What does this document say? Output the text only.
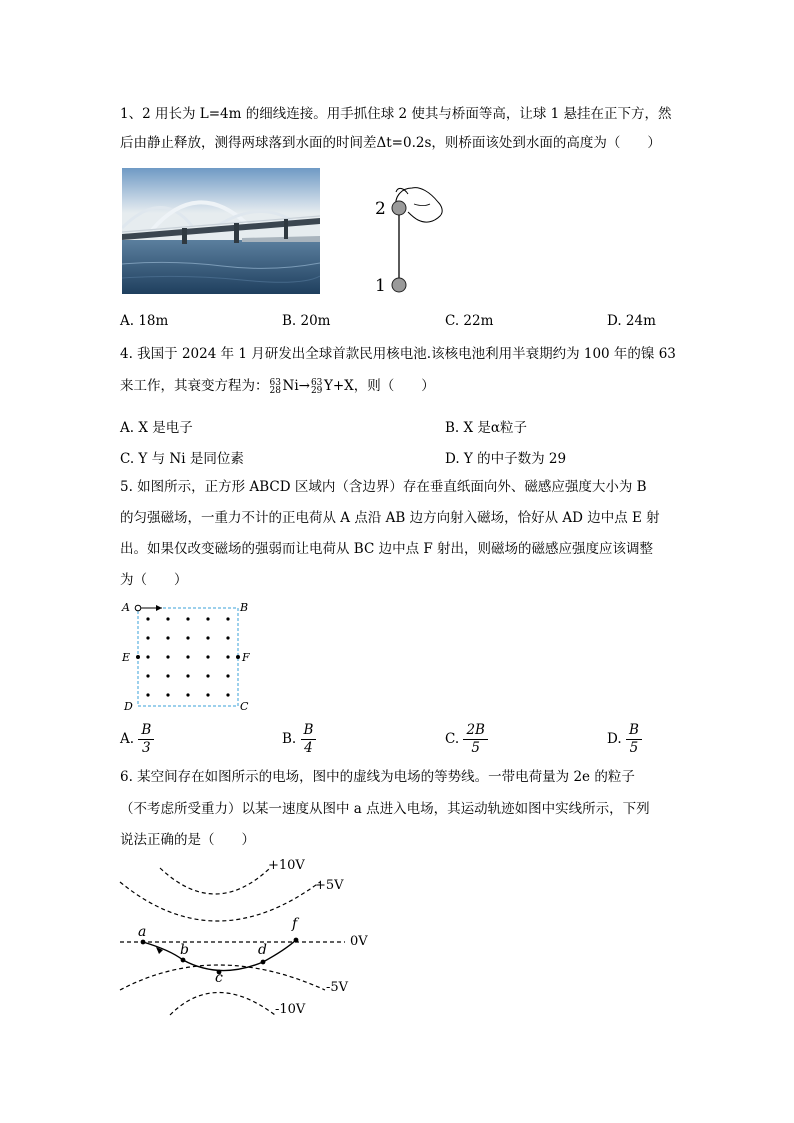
1、2 用长为 L=4m 的细线连接。用手抓住球 2 使其与桥面等高，让球 1 悬挂在正下方，然
后由静止释放，测得两球落到水面的时间差Δt=0.2s，则桥面该处到水面的高度为（　　）
2
1
A. 18m	B. 20m	C. 22m	D. 24m
4. 我国于 2024 年 1 月研发出全球首款民用核电池.该核电池利用半衰期约为 100 年的镍 63
来工作，其衰变方程为： 63
28 Ni→ 63
29 Y+X，则（　　）
A. X 是电子	B. X 是α粒子
C. Y 与 Ni 是同位素	D. Y 的中子数为 29
5. 如图所示，正方形 ABCD 区域内（含边界）存在垂直纸面向外、磁感应强度大小为 B
的匀强磁场，一重力不计的正电荷从 A 点沿 AB 边方向射入磁场，恰好从 AD 边中点 E 射
出。如果仅改变磁场的强弱而让电荷从 BC 边中点 F 射出，则磁场的磁感应强度应该调整
为（　　）
A	B
E	F
D	C
A. $\frac{B}{3}$	B. $\frac{B}{4}$	C. $\frac{2B}{5}$	D. $\frac{B}{5}$
6. 某空间存在如图所示的电场，图中的虚线为电场的等势线。一带电荷量为 2e 的粒子
（不考虑所受重力）以某一速度从图中 a 点进入电场，其运动轨迹如图中实线所示，下列
说法正确的是（　　）
+10V
+5V
0V
-5V
-10V
a
b
c
d
f
